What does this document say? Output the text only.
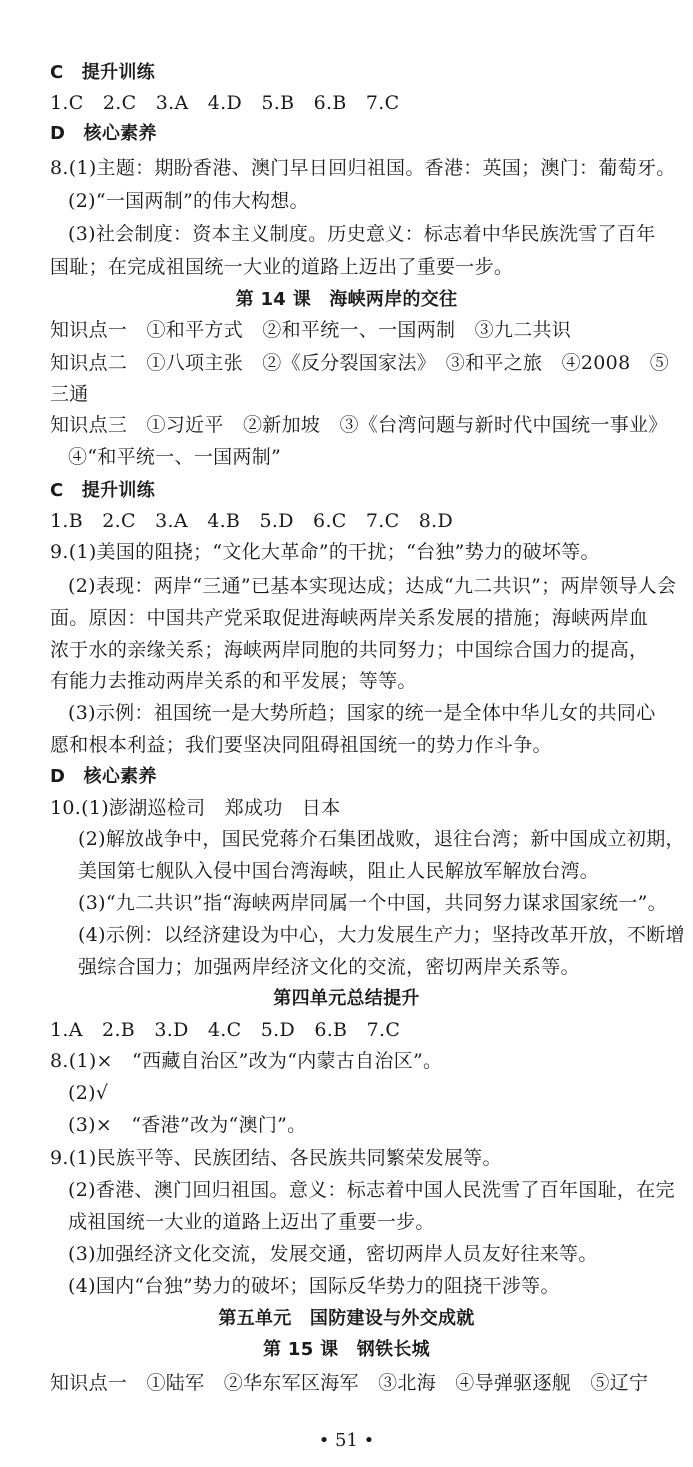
C　提升训练
1.C　2.C　3.A　4.D　5.B　6.B　7.C
D　核心素养
8.(1)主题：期盼香港、澳门早日回归祖国。香港：英国；澳门：葡萄牙。
(2)“一国两制”的伟大构想。
(3)社会制度：资本主义制度。历史意义：标志着中华民族洗雪了百年
国耻；在完成祖国统一大业的道路上迈出了重要一步。
第 14 课　海峡两岸的交往
知识点一　①和平方式　②和平统一、一国两制　③九二共识
知识点二　①八项主张　②《反分裂国家法》　③和平之旅　④2008　⑤
三通
知识点三　①习近平　②新加坡　③《台湾问题与新时代中国统一事业》
④“和平统一、一国两制”
C　提升训练
1.B　2.C　3.A　4.B　5.D　6.C　7.C　8.D
9.(1)美国的阻挠；“文化大革命”的干扰；“台独”势力的破坏等。
(2)表现：两岸“三通”已基本实现达成；达成“九二共识”；两岸领导人会
面。原因：中国共产党采取促进海峡两岸关系发展的措施；海峡两岸血
浓于水的亲缘关系；海峡两岸同胞的共同努力；中国综合国力的提高，
有能力去推动两岸关系的和平发展；等等。
(3)示例：祖国统一是大势所趋；国家的统一是全体中华儿女的共同心
愿和根本利益；我们要坚决同阻碍祖国统一的势力作斗争。
D　核心素养
10.(1)澎湖巡检司　郑成功　日本
(2)解放战争中，国民党蒋介石集团战败，退往台湾；新中国成立初期，
美国第七舰队入侵中国台湾海峡，阻止人民解放军解放台湾。
(3)“九二共识”指“海峡两岸同属一个中国，共同努力谋求国家统一”。
(4)示例：以经济建设为中心，大力发展生产力；坚持改革开放，不断增
强综合国力；加强两岸经济文化的交流，密切两岸关系等。
第四单元总结提升
1.A　2.B　3.D　4.C　5.D　6.B　7.C
8.(1)×　“西藏自治区”改为“内蒙古自治区”。
(2)√
(3)×　“香港”改为“澳门”。
9.(1)民族平等、民族团结、各民族共同繁荣发展等。
(2)香港、澳门回归祖国。意义：标志着中国人民洗雪了百年国耻，在完
成祖国统一大业的道路上迈出了重要一步。
(3)加强经济文化交流，发展交通，密切两岸人员友好往来等。
(4)国内“台独”势力的破坏；国际反华势力的阻挠干涉等。
第五单元　国防建设与外交成就
第 15 课　钢铁长城
知识点一　①陆军　②华东军区海军　③北海　④导弹驱逐舰　⑤辽宁
• 51 •
